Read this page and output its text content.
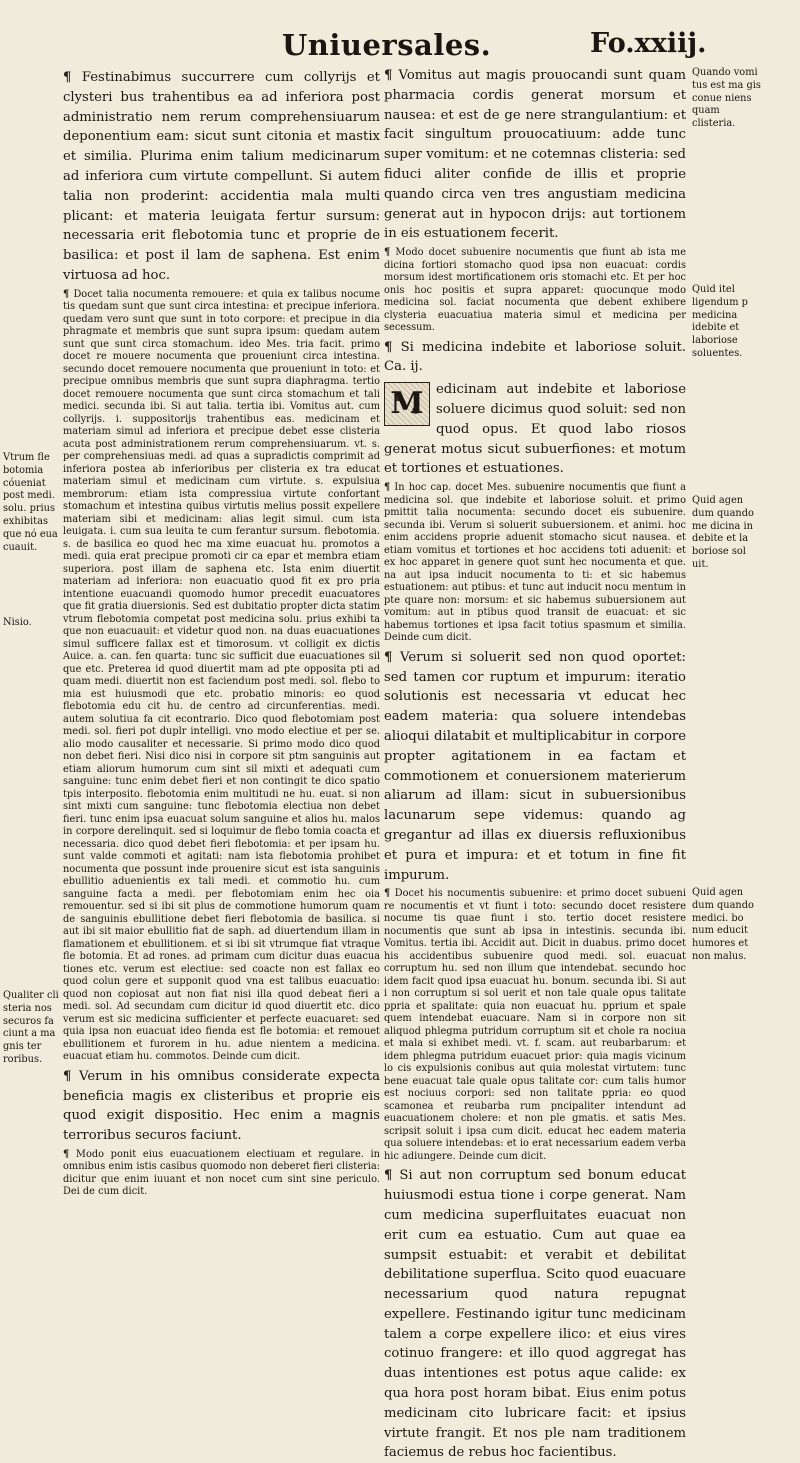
Uniuersales.	Fo.xxiij.
Vtrum fle botomia cóueniat post medi. solu. prius exhibitas que nó eua cuauit.
Nisio.
Qualiter cli steria nos securos fa ciunt a ma gnis ter roribus.

¶ Festinabimus succurrere cum collyrijs et clysteri bus trahentibus ea ad inferiora post administratio nem rerum comprehensiuarum deponentium eam: sicut sunt citonia et mastix et similia. Plurima enim talium medicinarum ad inferiora cum virtute compellunt. Si autem talia non proderint: accidentia mala multi plicant: et materia leuigata fertur sursum: necessaria erit flebotomia tunc et proprie de basilica: et post il lam de saphena. Est enim virtuosa ad hoc.

¶ Docet talia nocumenta remouere: et quia ex talibus nocume tis quedam sunt que sunt circa intestina: et precipue inferiora. quedam vero sunt que sunt in toto corpore: et precipue in dia phragmate et membris que sunt supra ipsum: quedam autem sunt que sunt circa stomachum. ideo Mes. tria facit. primo docet re mouere nocumenta que proueniunt circa intestina. secundo docet remouere nocumenta que proueniunt in toto: et precipue omnibus membris que sunt supra diaphragma. tertio docet remouere nocumenta que sunt circa stomachum et tali medici. secunda ibi. Si aut talia. tertia ibi. Vomitus aut. cum collyrijs. i. suppositorijs trahentibus eas. medicinam et materiam simul ad inferiora et precipue debet esse clisteria acuta post administrationem rerum comprehensiuarum. vt. s. per comprehensiuas medi. ad quas a supradictis comprimit ad inferiora postea ab inferioribus per clisteria ex tra educat materiam simul et medicinam cum virtute. s. expulsiua membrorum: etiam ista compressiua virtute confortant stomachum et intestina quibus virtutis melius possit expellere materiam sibi et medicinam: alias legit simul. cum ista leuigata. i. cum sua leuita te cum ferantur sursum. flebotomia. s. de basilica eo quod hec ma xime euacuat hu. promotos a medi. quia erat precipue promoti cir ca epar et membra etiam superiora. post illam de saphena etc. Ista enim diuertit materiam ad inferiora: non euacuatio quod fit ex pro pria intentione euacuandi quomodo humor precedit euacuatores que fit gratia diuersionis. Sed est dubitatio propter dicta statim vtrum flebotomia competat post medicina solu. prius exhibi ta que non euacuauit: et videtur quod non. na duas euacuationes simul sufficere fallax est et timorosum. vt colligit ex dictis Auice. a. can. fen quarta: tunc sic sufficit due euacuationes sil que etc. Preterea id quod diuertit mam ad pte opposita pti ad quam medi. diuertit non est faciendum post medi. sol. flebo to mia est huiusmodi que etc. probatio minoris: eo quod flebotomia edu cit hu. de centro ad circunferentias. medi. autem solutiua fa cit econtrario. Dico quod flebotomiam post medi. sol. fieri pot duplr intelligi. vno modo electiue et per se. alio modo causaliter et necessarie. Si primo modo dico quod non debet fieri. Nisi dico nisi in corpore sit ptm sanguinis aut etiam aliorum humorum cum sint sil mixti et adequati cum sanguine: tunc enim debet fieri et non contingit te dico spatio tpis interposito. flebotomia enim multitudi ne hu. euat. si non sint mixti cum sanguine: tunc flebotomia electiua non debet fieri. tunc enim ipsa euacuat solum sanguine et alios hu. malos in corpore derelinquit. sed si loquimur de flebo tomia coacta et necessaria. dico quod debet fieri flebotomia: et per ipsam hu. sunt valde commoti et agitati: nam ista flebotomia prohibet nocumenta que possunt inde prouenire sicut est ista sanguinis ebullitio aduenientis ex tali medi. et commotio hu. cum sanguine facta a medi. per flebotomiam enim hec oia remouentur. sed si ibi sit plus de commotione humorum quam de sanguinis ebullitione debet fieri flebotomia de basilica. si aut ibi sit maior ebullitio fiat de saph. ad diuertendum illam in flamationem et ebullitionem. et si ibi sit vtrumque fiat vtraque fle botomia. Et ad rones. ad primam cum dicitur duas euacua tiones etc. verum est electiue: sed coacte non est fallax eo quod colun gere et supponit quod vna est talibus euacuatio: quod non copiosat aut non fiat nisi illa quod debeat fieri a medi. sol. Ad secundam cum dicitur id quod diuertit etc. dico verum est sic medicina sufficienter et perfecte euacuaret: sed quia ipsa non euacuat ideo fienda est fle botomia: et remouet ebullitionem et furorem in hu. adue nientem a medicina. euacuat etiam hu. commotos. Deinde cum dicit.

¶ Verum in his omnibus considerate expecta beneficia magis ex clisteribus et proprie eis quod exigit dispositio. Hec enim a magnis terroribus securos faciunt.

¶ Modo ponit eius euacuationem electiuam et regulare. in omnibus enim istis casibus quomodo non deberet fieri clisteria: dicitur que enim iuuant et non nocet cum sint sine periculo. Dei de cum dicit.

¶ Vomitus aut magis prouocandi sunt quam pharmacia cordis generat morsum et nausea: et est de ge nere strangulantium: et facit singultum prouocatiuum: adde tunc super vomitum: et ne cotemnas clisteria: sed fiduci aliter confide de illis et proprie quando circa ven tres angustiam medicina generat aut in hypocon drijs: aut tortionem in eis estuationem fecerit.

¶ Modo docet subuenire nocumentis que fiunt ab ista me dicina fortiori stomacho quod ipsa non euacuat: cordis morsum idest mortificationem oris stomachi etc. Et per hoc onis hoc positis et supra apparet: quocunque modo medicina sol. faciat nocumenta que debent exhibere clysteria euacuatiua materia simul et medicina per secessum.

¶ Si medicina indebite et laboriose soluit. Ca. ij.

M edicinam aut indebite et laboriose soluere dicimus quod soluit: sed non quod opus. Et quod labo riosos generat motus sicut subuerfiones: et motum et tortiones et estuationes.

¶ In hoc cap. docet Mes. subuenire nocumentis que fiunt a medicina sol. que indebite et laboriose soluit. et primo pmittit talia nocumenta: secundo docet eis subuenire. secunda ibi. Verum si soluerit subuersionem. et animi. hoc enim accidens proprie aduenit stomacho sicut nausea. et etiam vomitus et tortiones et hoc accidens toti aduenit: et ex hoc apparet in genere quot sunt hec nocumenta et que. na aut ipsa inducit nocumenta to ti: et sic habemus estuationem: aut ptibus: et tunc aut inducit nocu mentum in pte quare non: morsum: et sic habemus subuersionem aut vomitum: aut in ptibus quod transit de euacuat: et sic habemus tortiones et ipsa facit totius spasmum et similia. Deinde cum dicit.

¶ Verum si soluerit sed non quod oportet: sed tamen cor ruptum et impurum: iteratio solutionis est necessaria vt educat hec eadem materia: qua soluere intendebas alioqui dilatabit et multiplicabitur in corpore propter agitationem in ea factam et commotionem et conuersionem materierum aliarum ad illam: sicut in subuersionibus lacunarum sepe videmus: quando ag gregantur ad illas ex diuersis refluxionibus et pura et impura: et et totum in fine fit impurum.

¶ Docet his nocumentis subuenire: et primo docet subueni re nocumentis et vt fiunt i toto: secundo docet resistere nocume tis quae fiunt i sto. tertio docet resistere nocumentis que sunt ab ipsa in intestinis. secunda ibi. Vomitus. tertia ibi. Accidit aut. Dicit in duabus. primo docet his accidentibus subuenire quod medi. sol. euacuat corruptum hu. sed non illum que intendebat. secundo hoc idem facit quod ipsa euacuat hu. bonum. secunda ibi. Si aut i non corruptum si sol uerit et non tale quale opus talitate ppria et spalitate: quia non euacuat hu. pprium et spale quem intendebat euacuare. Nam si in corpore non sit aliquod phlegma putridum corruptum sit et chole ra nociua et mala si exhibet medi. vt. f. scam. aut reubarbarum: et idem phlegma putridum euacuet prior: quia magis vicinum lo cis expulsionis conibus aut quia molestat virtutem: tunc bene euacuat tale quale opus talitate cor: cum talis humor est nociuus corpori: sed non talitate ppria: eo quod scamonea et reubarba rum pncipaliter intendunt ad euacuationem cholere: et non ple gmatis. et satis Mes. scripsit soluit i ipsa cum dicit. educat hec eadem materia qua soluere intendebas: et io erat necessarium eadem verba hic adiungere. Deinde cum dicit.

¶ Si aut non corruptum sed bonum educat huiusmodi estua tione i corpe generat. Nam cum medicina superfluitates euacuat non erit cum ea estuatio. Cum aut quae ea sumpsit estuabit: et verabit et debilitat debilitatione superflua. Scito quod euacuare necessarium quod natura repugnat expellere. Festinando igitur tunc medicinam talem a corpe expellere ilico: et eius vires cotinuo frangere: et illo quod aggregat has duas intentiones est potus aque calide: ex qua hora post horam bibat. Eius enim potus medicinam cito lubricare facit: et ipsius virtute frangit. Et nos ple nam traditionem faciemus de rebus hoc facientibus.

Quando vomi tus est ma gis conue niens quam clisteria.
Quid itel ligendum p medicina idebite et laboriose soluentes.
Quid agen dum quando me dicina in debite et la boriose sol uit.
Quid agen dum quando medici. bo num educit humores et non malus.
